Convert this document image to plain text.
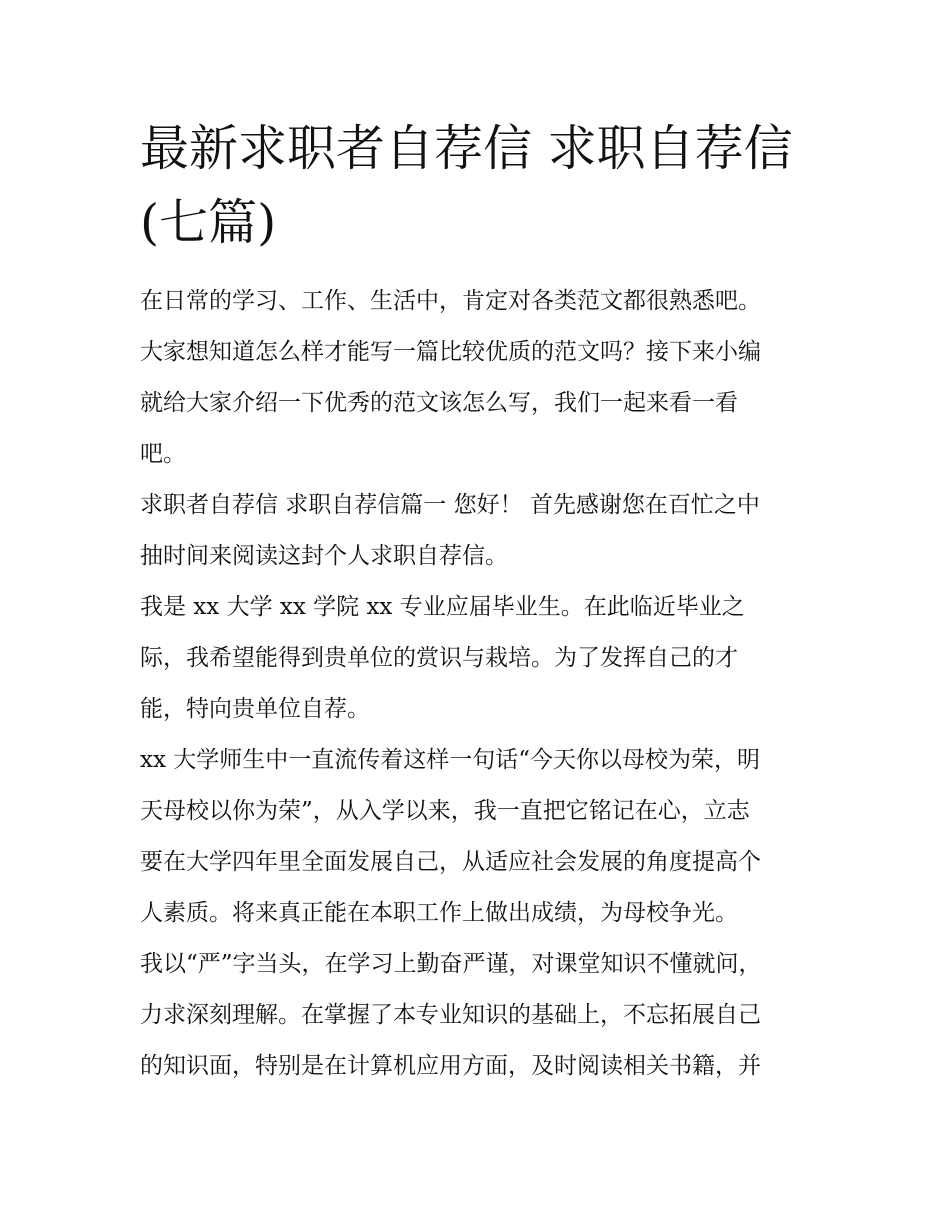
最新求职者自荐信 求职自荐信
(七篇)
在日常的学习、工作、生活中，肯定对各类范文都很熟悉吧。
大家想知道怎么样才能写一篇比较优质的范文吗？接下来小编
就给大家介绍一下优秀的范文该怎么写，我们一起来看一看
吧。
求职者自荐信 求职自荐信篇一 您好！ 首先感谢您在百忙之中
抽时间来阅读这封个人求职自荐信。
我是 xx 大学 xx 学院 xx 专业应届毕业生。在此临近毕业之
际，我希望能得到贵单位的赏识与栽培。为了发挥自己的才
能，特向贵单位自荐。
xx 大学师生中一直流传着这样一句话“今天你以母校为荣，明
天母校以你为荣”，从入学以来，我一直把它铭记在心，立志
要在大学四年里全面发展自己，从适应社会发展的角度提高个
人素质。将来真正能在本职工作上做出成绩，为母校争光。
我以“严”字当头，在学习上勤奋严谨，对课堂知识不懂就问，
力求深刻理解。在掌握了本专业知识的基础上，不忘拓展自己
的知识面，特别是在计算机应用方面，及时阅读相关书籍，并
